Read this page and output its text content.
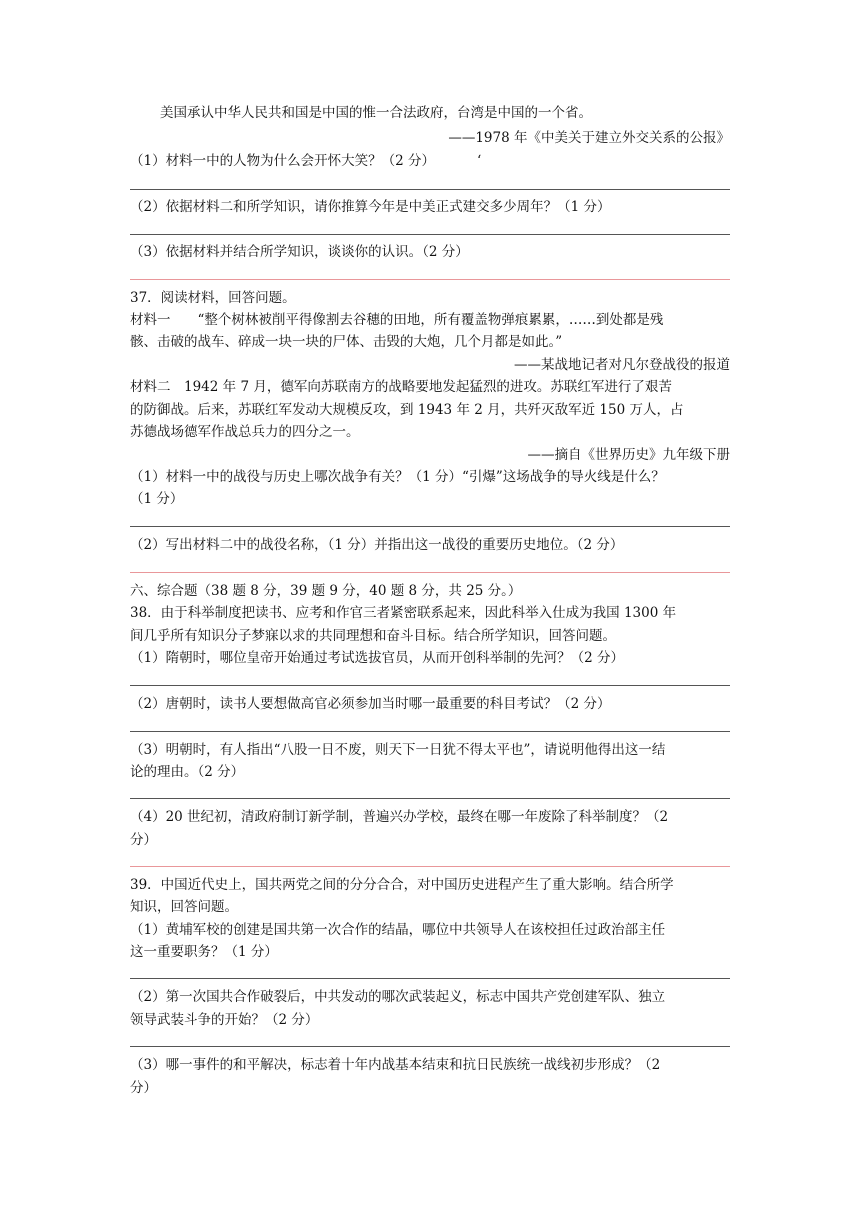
美国承认中华人民共和国是中国的惟一合法政府，台湾是中国的一个省。
——1978 年《中美关于建立外交关系的公报》
（1）材料一中的人物为什么会开怀大笑？（2 分）
（2）依据材料二和所学知识，请你推算今年是中美正式建交多少周年？（1 分）
（3）依据材料并结合所学知识，谈谈你的认识。（2 分）
37．阅读材料，回答问题。
材料一　　“整个树林被削平得像割去谷穗的田地，所有覆盖物弹痕累累，……到处都是残
骸、击破的战车、碎成一块一块的尸体、击毁的大炮，几个月都是如此。”
——某战地记者对凡尔登战役的报道
材料二　1942 年 7 月，德军向苏联南方的战略要地发起猛烈的进攻。苏联红军进行了艰苦
的防御战。后来，苏联红军发动大规模反攻，到 1943 年 2 月，共歼灭敌军近 150 万人，占
苏德战场德军作战总兵力的四分之一。
——摘自《世界历史》九年级下册
（1）材料一中的战役与历史上哪次战争有关？（1 分）“引爆”这场战争的导火线是什么？
（1 分）
（2）写出材料二中的战役名称，（1 分）并指出这一战役的重要历史地位。（2 分）
六、综合题（38 题 8 分，39 题 9 分，40 题 8 分，共 25 分。）
38．由于科举制度把读书、应考和作官三者紧密联系起来，因此科举入仕成为我国 1300 年
间几乎所有知识分子梦寐以求的共同理想和奋斗目标。结合所学知识，回答问题。
（1）隋朝时，哪位皇帝开始通过考试选拔官员，从而开创科举制的先河？（2 分）
（2）唐朝时，读书人要想做高官必须参加当时哪一最重要的科目考试？（2 分）
（3）明朝时，有人指出“八股一日不废，则天下一日犹不得太平也”，请说明他得出这一结
论的理由。（2 分）
（4）20 世纪初，清政府制订新学制，普遍兴办学校，最终在哪一年废除了科举制度？（2
分）
39．中国近代史上，国共两党之间的分分合合，对中国历史进程产生了重大影响。结合所学
知识，回答问题。
（1）黄埔军校的创建是国共第一次合作的结晶，哪位中共领导人在该校担任过政治部主任
这一重要职务？（1 分）
（2）第一次国共合作破裂后，中共发动的哪次武装起义，标志中国共产党创建军队、独立
领导武装斗争的开始？（2 分）
（3）哪一事件的和平解决，标志着十年内战基本结束和抗日民族统一战线初步形成？（2
分）
‘
